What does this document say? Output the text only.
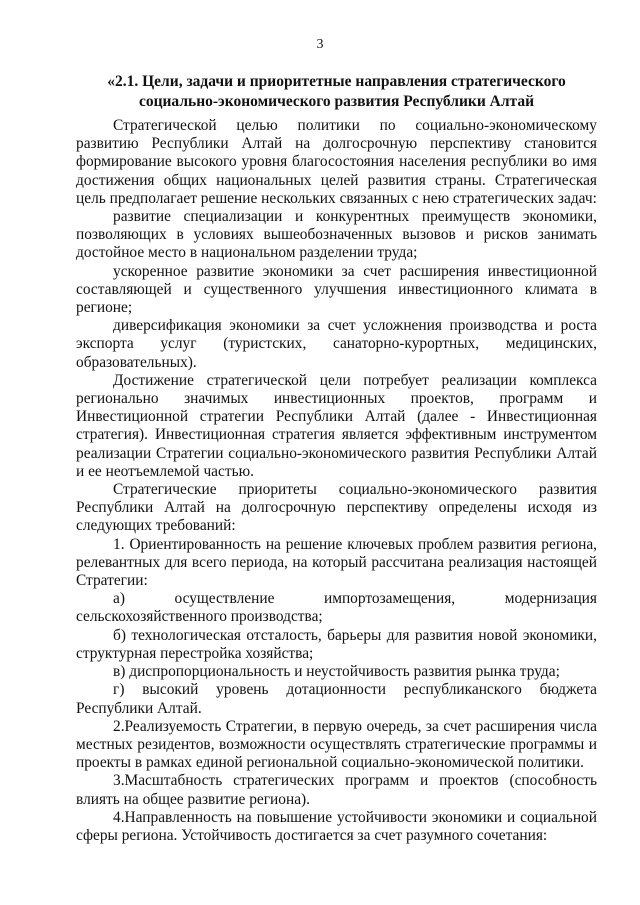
3
«2.1. Цели, задачи и приоритетные направления стратегического
социально-экономического развития Республики Алтай

Стратегической целью политики по социально-экономическому развитию Республики Алтай на долгосрочную перспективу становится формирование высокого уровня благосостояния населения республики во имя достижения общих национальных целей развития страны. Стратегическая цель предполагает решение нескольких связанных с нею стратегических задач:

развитие специализации и конкурентных преимуществ экономики, позволяющих в условиях вышеобозначенных вызовов и рисков занимать достойное место в национальном разделении труда;

ускоренное развитие экономики за счет расширения инвестиционной составляющей и существенного улучшения инвестиционного климата в регионе;

диверсификация экономики за счет усложнения производства и роста экспорта услуг (туристских, санаторно-курортных, медицинских, образовательных).

Достижение стратегической цели потребует реализации комплекса регионально значимых инвестиционных проектов, программ и Инвестиционной стратегии Республики Алтай (далее - Инвестиционная стратегия). Инвестиционная стратегия является эффективным инструментом реализации Стратегии социально-экономического развития Республики Алтай и ее неотъемлемой частью.

Стратегические приоритеты социально-экономического развития Республики Алтай на долгосрочную перспективу определены исходя из следующих требований:

1. Ориентированность на решение ключевых проблем развития региона, релевантных для всего периода, на который рассчитана реализация настоящей Стратегии:

а) осуществление импортозамещения, модернизация сельскохозяйственного производства;

б) технологическая отсталость, барьеры для развития новой экономики, структурная перестройка хозяйства;

в) диспропорциональность и неустойчивость развития рынка труда;

г) высокий уровень дотационности республиканского бюджета Республики Алтай.

2.Реализуемость Стратегии, в первую очередь, за счет расширения числа местных резидентов, возможности осуществлять стратегические программы и проекты в рамках единой региональной социально-экономической политики.

3.Масштабность стратегических программ и проектов (способность влиять на общее развитие региона).

4.Направленность на повышение устойчивости экономики и социальной сферы региона. Устойчивость достигается за счет разумного сочетания:
